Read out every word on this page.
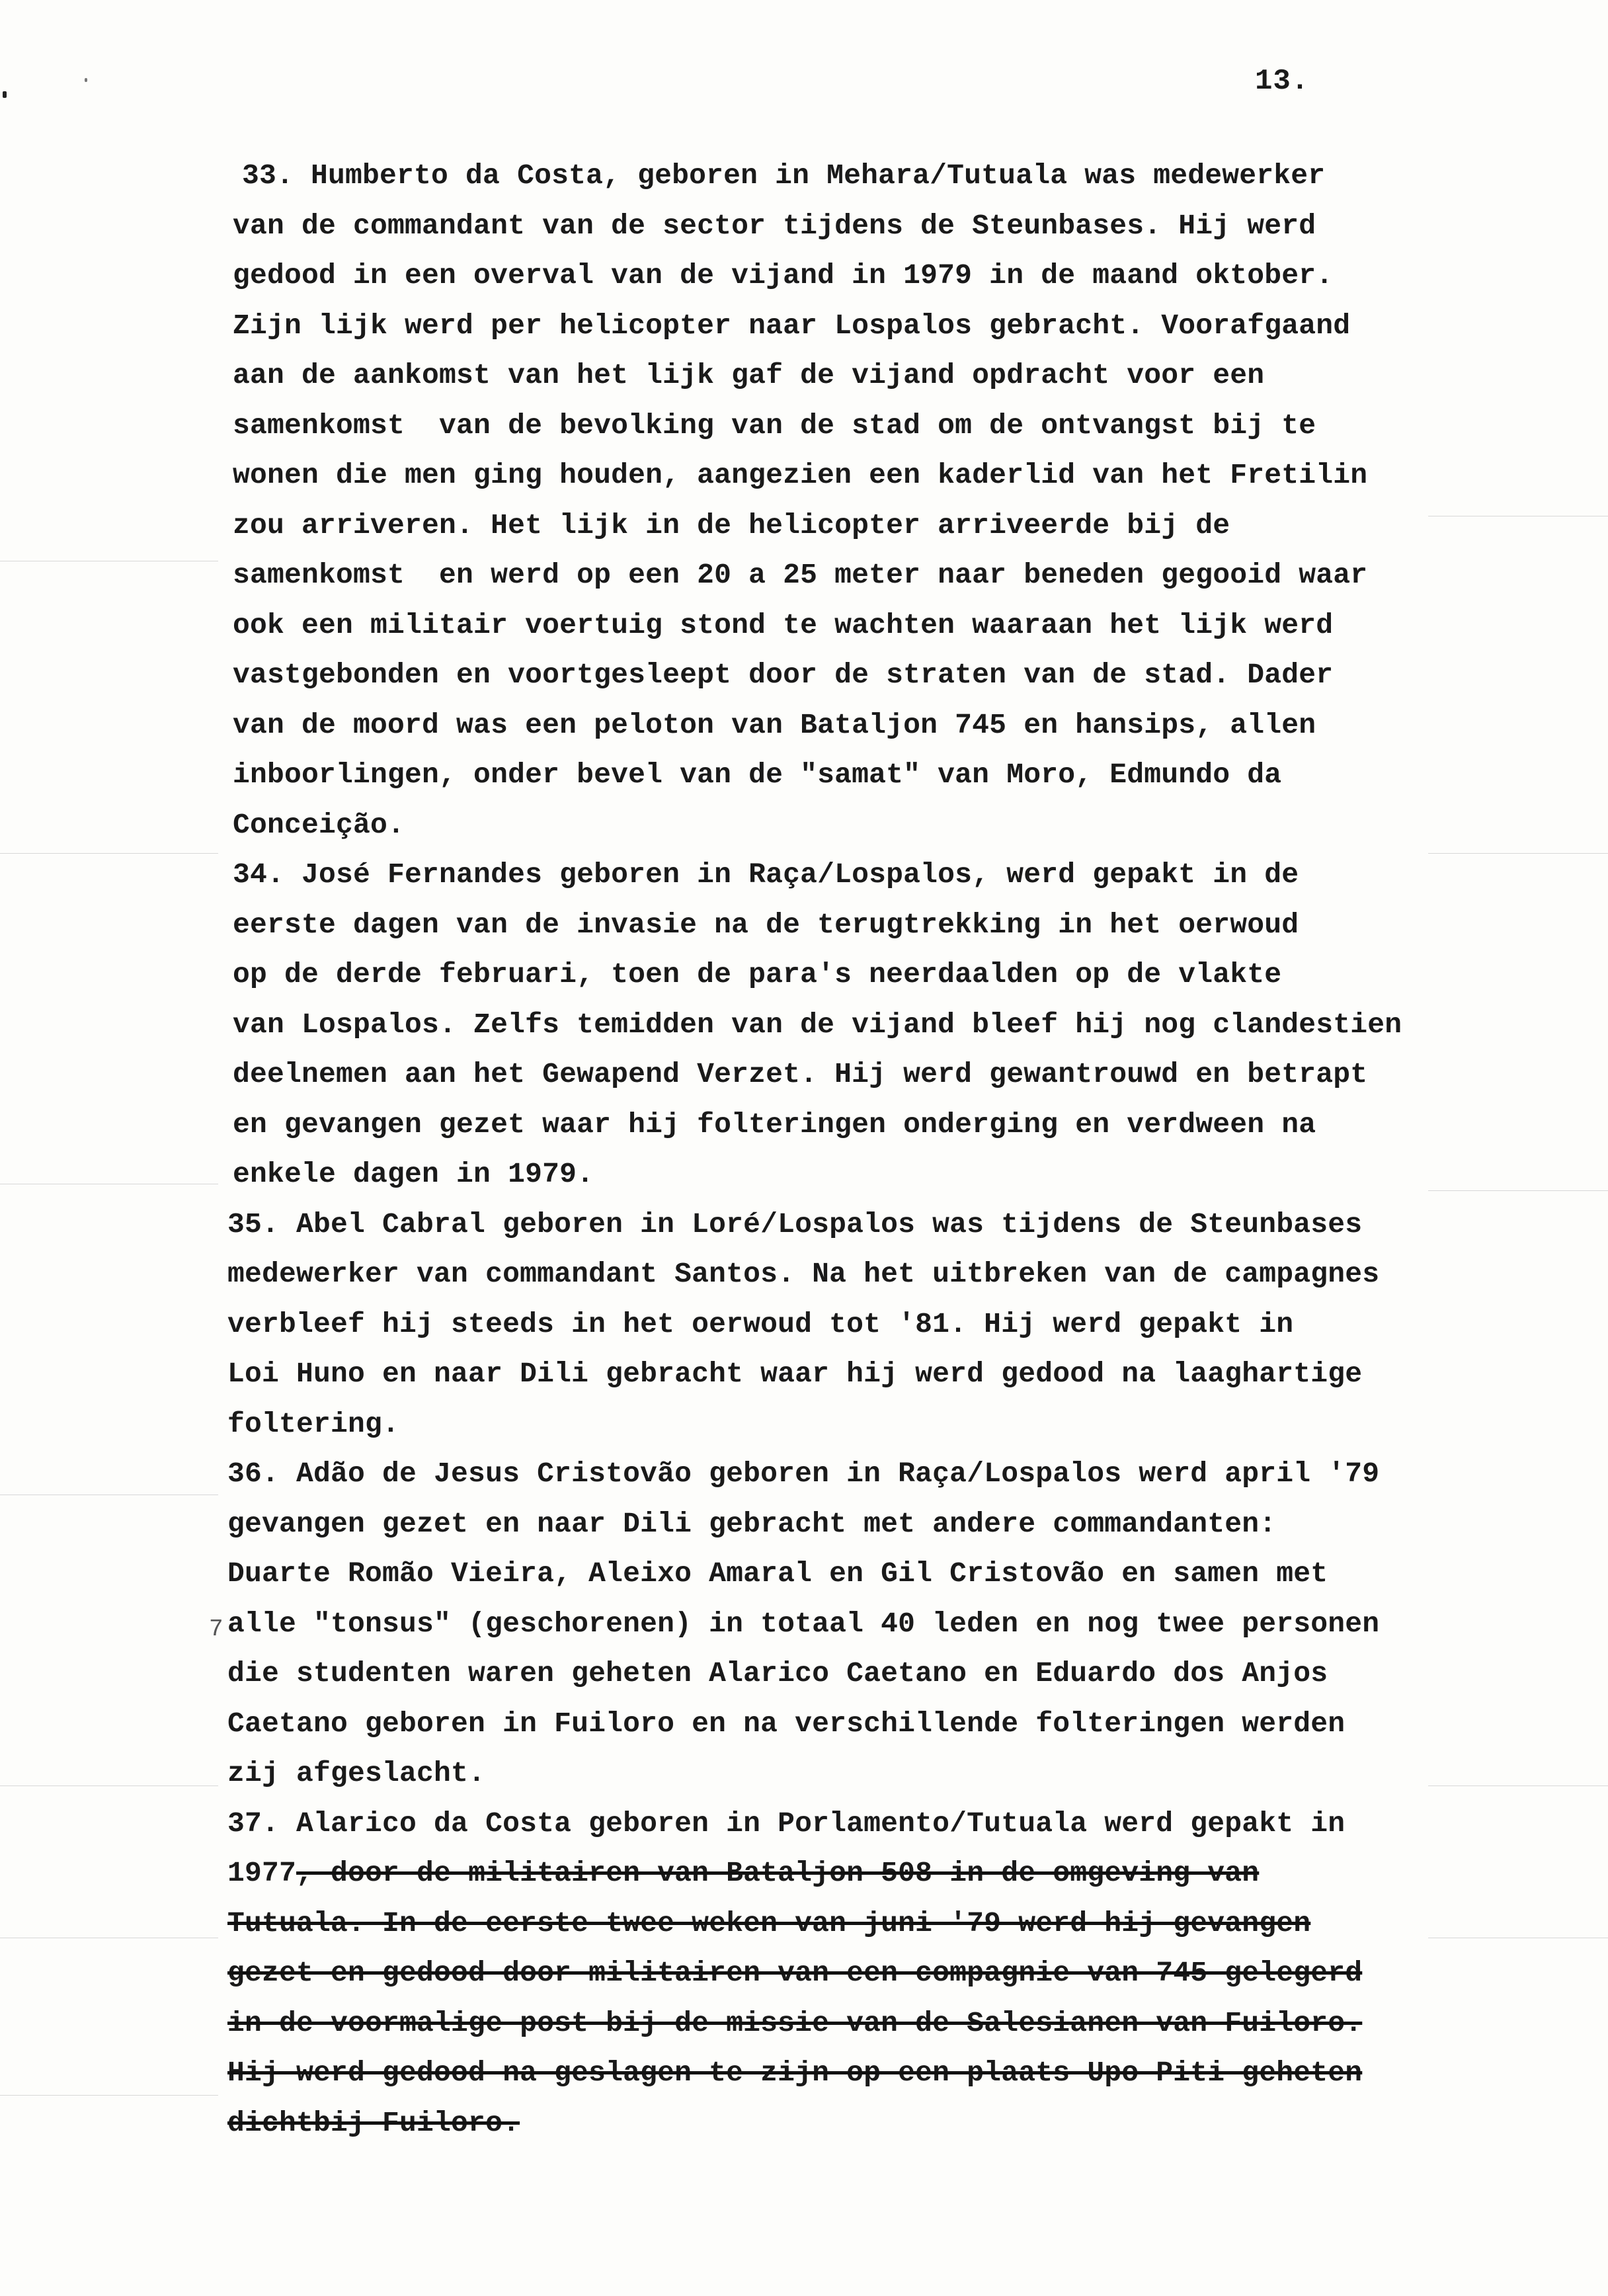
13.
7
33. Humberto da Costa, geboren in Mehara/Tutuala was medewerker
van de commandant van de sector tijdens de Steunbases. Hij werd
gedood in een overval van de vijand in 1979 in de maand oktober.
Zijn lijk werd per helicopter naar Lospalos gebracht. Voorafgaand
aan de aankomst van het lijk gaf de vijand opdracht voor een
samenkomst  van de bevolking van de stad om de ontvangst bij te
wonen die men ging houden, aangezien een kaderlid van het Fretilin
zou arriveren. Het lijk in de helicopter arriveerde bij de
samenkomst  en werd op een 20 a 25 meter naar beneden gegooid waar
ook een militair voertuig stond te wachten waaraan het lijk werd
vastgebonden en voortgesleept door de straten van de stad. Dader
van de moord was een peloton van Bataljon 745 en hansips, allen
inboorlingen, onder bevel van de "samat" van Moro, Edmundo da
Conceição.
34. José Fernandes geboren in Raça/Lospalos, werd gepakt in de
eerste dagen van de invasie na de terugtrekking in het oerwoud
op de derde februari, toen de para's neerdaalden op de vlakte
van Lospalos. Zelfs temidden van de vijand bleef hij nog clandestien
deelnemen aan het Gewapend Verzet. Hij werd gewantrouwd en betrapt
en gevangen gezet waar hij folteringen onderging en verdween na
enkele dagen in 1979.
35. Abel Cabral geboren in Loré/Lospalos was tijdens de Steunbases
medewerker van commandant Santos. Na het uitbreken van de campagnes
verbleef hij steeds in het oerwoud tot '81. Hij werd gepakt in
Loi Huno en naar Dili gebracht waar hij werd gedood na laaghartige
foltering.
36. Adão de Jesus Cristovão geboren in Raça/Lospalos werd april '79
gevangen gezet en naar Dili gebracht met andere commandanten:
Duarte Romão Vieira, Aleixo Amaral en Gil Cristovão en samen met
alle "tonsus" (geschorenen) in totaal 40 leden en nog twee personen
die studenten waren geheten Alarico Caetano en Eduardo dos Anjos
Caetano geboren in Fuiloro en na verschillende folteringen werden
zij afgeslacht.
37. Alarico da Costa geboren in Porlamento/Tutuala werd gepakt in
1977, door de militairen van Bataljon 508 in de omgeving van
Tutuala. In de eerste twee weken van juni '79 werd hij gevangen
gezet en gedood door militairen van een compagnie van 745 gelegerd
in de voormalige post bij de missie van de Salesianen van Fuiloro.
Hij werd gedood na geslagen te zijn op een plaats Upo Piti geheten
dichtbij Fuiloro.
